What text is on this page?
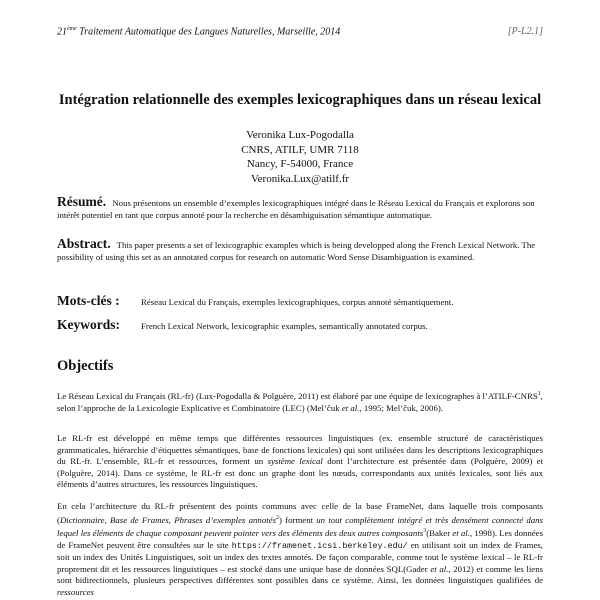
21ème Traitement Automatique des Langues Naturelles, Marseille, 2014	[P-L2.1]
Intégration relationnelle des exemples lexicographiques dans un réseau lexical
Veronika Lux-Pogodalla
CNRS, ATILF, UMR 7118
Nancy, F-54000, France
Veronika.Lux@atilf.fr
Résumé. Nous présentons un ensemble d’exemples lexicographiques intégré dans le Réseau Lexical du Français et explorons son intérêt potentiel en tant que corpus annoté pour la recherche en désambiguisation sémantique automatique.
Abstract. This paper presents a set of lexicographic examples which is being developped along the French Lexical Network. The possibility of using this set as an annotated corpus for research on automatic Word Sense Disambiguation is examined.
Mots-clés : Réseau Lexical du Français, exemples lexicographiques, corpus annoté sémantiquement.
Keywords: French Lexical Network, lexicographic examples, semantically annotated corpus.
Objectifs

Le Réseau Lexical du Français (RL-fr) (Lux-Pogodalla & Polguère, 2011) est élaboré par une équipe de lexicographes à l’ATILF-CNRS$^1$, selon l’approche de la Lexicologie Explicative et Combinatoire (LEC) (Mel’čuk et al., 1995; Mel’čuk, 2006).

Le RL-fr est développé en même temps que différentes ressources linguistiques (ex. ensemble structuré de caractéristiques grammaticales, hiérarchie d’étiquettes sémantiques, base de fonctions lexicales) qui sont utilisées dans les descriptions lexicographiques du RL-fr. L’ensemble, RL-fr et ressources, forment un système lexical dont l’architecture est présentée dans (Polguère, 2009) et (Polguère, 2014). Dans ce système, le RL-fr est donc un graphe dont les nœuds, correspondants aux unités lexicales, sont liés aux éléments d’autres structures, les ressources linguistiques.

En cela l’architecture du RL-fr présentent des points communs avec celle de la base FrameNet, dans laquelle trois composants (Dictionnaire, Base de Frames, Phrases d’exemples annotés$^2$) forment un tout complètement intégré et très densément connecté dans lequel les éléments de chaque composant peuvent pointer vers des éléments des deux autres composants$^3$(Baker et al., 1998). Les données de FrameNet peuvent être consultées sur le site https://framenet.icsi.berkeley.edu/ en utilisant soit un index de Frames, soit un index des Unités Linguistiques, soit un index des textes annotés. De façon comparable, comme tout le système lexical – le RL-fr proprement dit et les ressources linguistiques – est stocké dans une unique base de données SQL(Gader et al., 2012) et comme les liens sont bidirectionnels, plusieurs perspectives différentes sont possibles dans ce système. Ainsi, les données linguistiques qualifiées de ressources
